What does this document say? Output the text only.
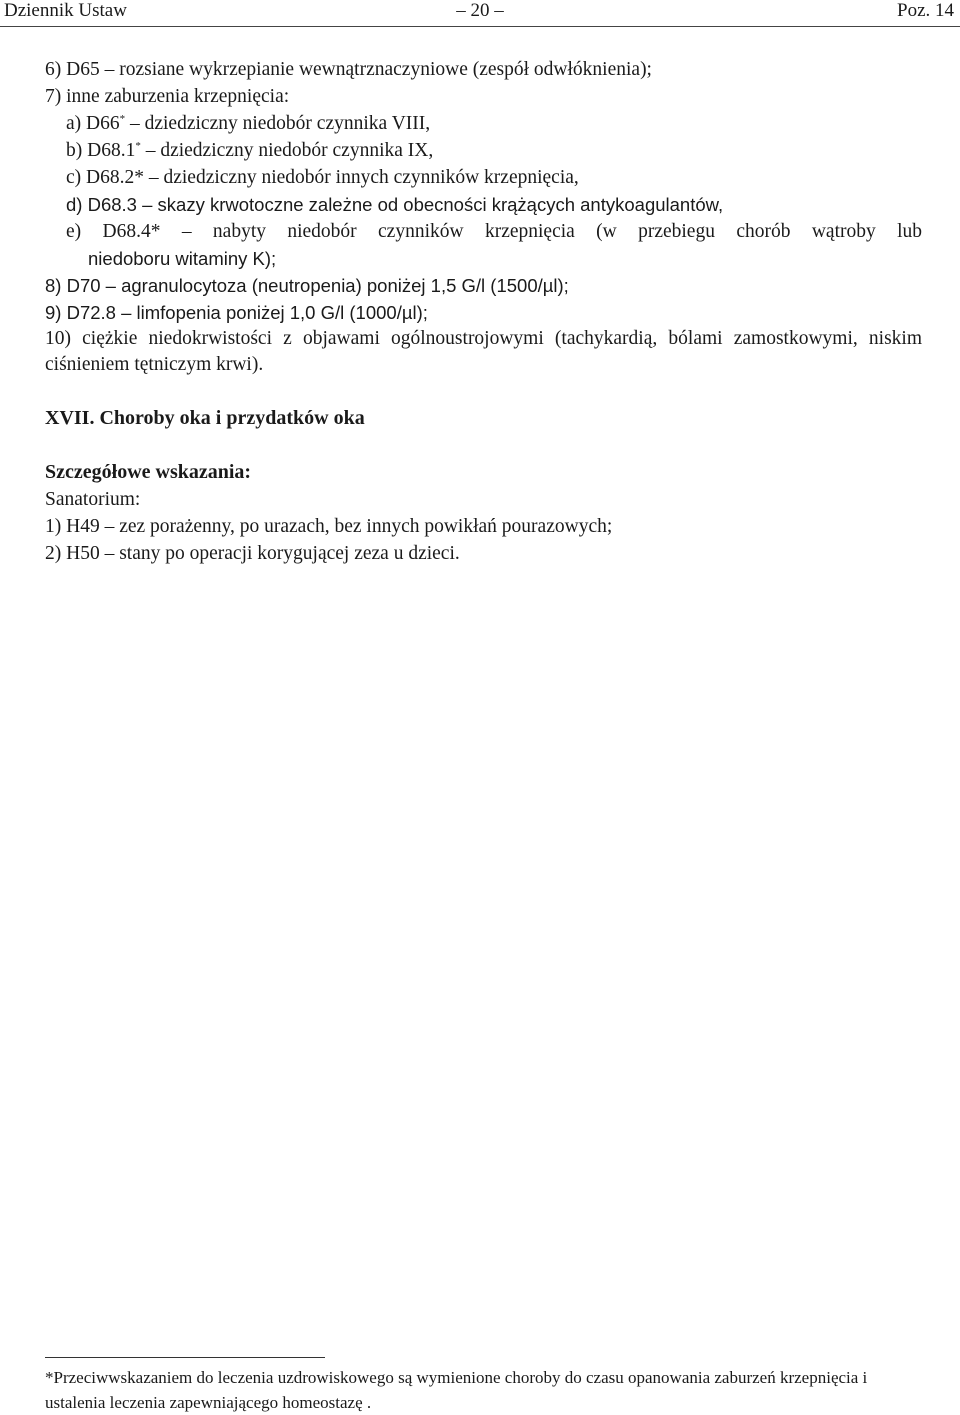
Dziennik Ustaw	– 20 –	Poz. 14
6) D65 – rozsiane wykrzepianie wewnątrznaczyniowe (zespół odwłóknienia);
7) inne zaburzenia krzepnięcia:
a) D66* – dziedziczny niedobór czynnika VIII,
b) D68.1* – dziedziczny niedobór czynnika IX,
c) D68.2* – dziedziczny niedobór innych czynników krzepnięcia,
d) D68.3 – skazy krwotoczne zależne od obecności krążących antykoagulantów,
e) D68.4* – nabyty niedobór czynników krzepnięcia (w przebiegu chorób wątroby lub
niedoboru witaminy K);
8) D70 – agranulocytoza (neutropenia) poniżej 1,5 G/l (1500/µl);
9) D72.8 – limfopenia poniżej 1,0 G/l (1000/µl);
10) ciężkie niedokrwistości z objawami ogólnoustrojowymi (tachykardią, bólami zamostkowymi, niskim ciśnieniem tętniczym krwi).
XVII. Choroby oka i przydatków oka
Szczegółowe wskazania:
Sanatorium:
1) H49 – zez porażenny, po urazach, bez innych powikłań pourazowych;
2) H50 – stany po operacji korygującej zeza u dzieci.
*Przeciwwskazaniem do leczenia uzdrowiskowego są wymienione choroby do czasu opanowania zaburzeń krzepnięcia i ustalenia leczenia zapewniającego homeostazę .
